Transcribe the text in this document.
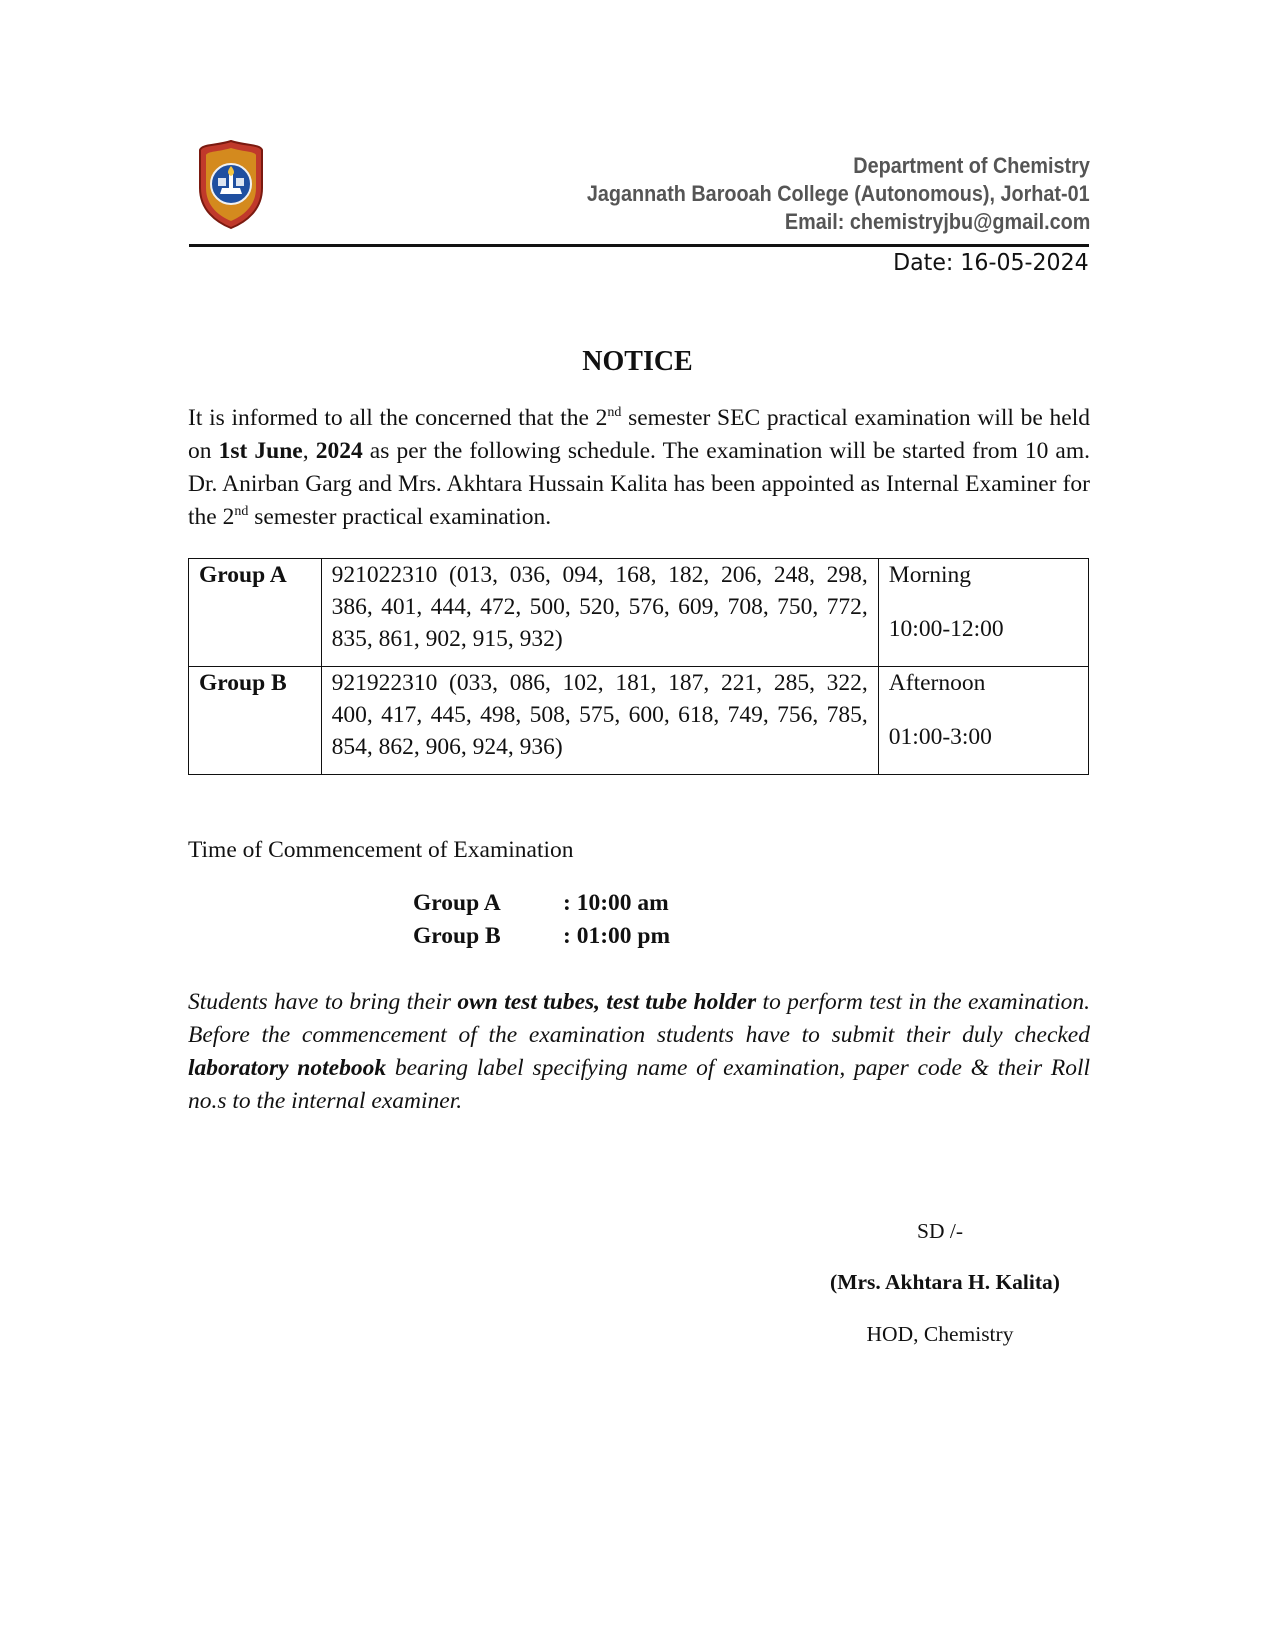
Department of Chemistry
Jagannath Barooah College (Autonomous), Jorhat-01
Email: chemistryjbu@gmail.com
Date: 16-05-2024
NOTICE
It is informed to all the concerned that the 2nd semester SEC practical examination will be held on 1st June, 2024 as per the following schedule. The examination will be started from 10 am. Dr. Anirban Garg and Mrs. Akhtara Hussain Kalita has been appointed as Internal Examiner for the 2nd semester practical examination.
Group A	921022310 (013, 036, 094, 168, 182, 206, 248, 298, 386, 401, 444, 472, 500, 520, 576, 609, 708, 750, 772, 835, 861, 902, 915, 932)	Morning
10:00-12:00

Group B	921922310 (033, 086, 102, 181, 187, 221, 285, 322, 400, 417, 445, 498, 508, 575, 600, 618, 749, 756, 785, 854, 862, 906, 924, 936)	Afternoon
01:00-3:00
Time of Commencement of Examination
Group A	: 10:00 am
Group B	: 01:00 pm
Students have to bring their own test tubes, test tube holder to perform test in the examination. Before the commencement of the examination students have to submit their duly checked laboratory notebook bearing label specifying name of examination, paper code & their Roll no.s to the internal examiner.
SD /-
(Mrs. Akhtara H. Kalita)
HOD, Chemistry
